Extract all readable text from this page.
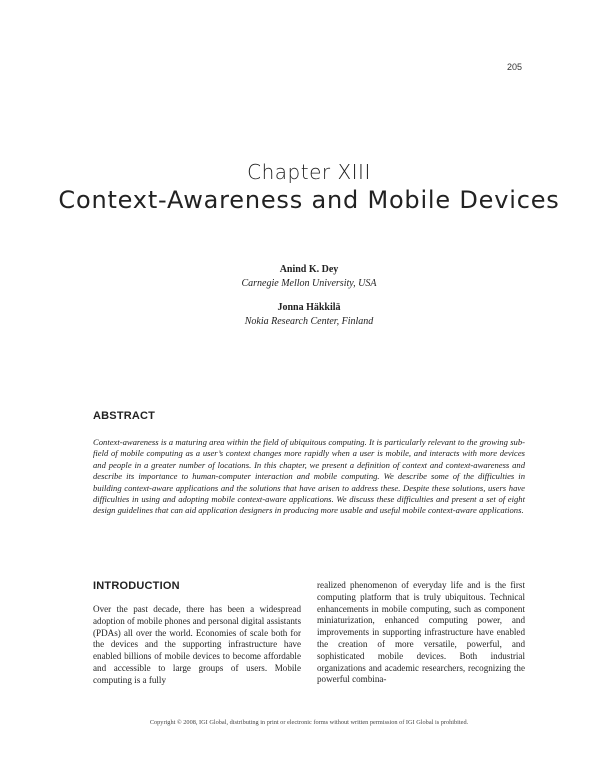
205
Chapter XIII
Context-Awareness and Mobile Devices
Anind K. Dey
Carnegie Mellon University, USA
Jonna Häkkilä
Nokia Research Center, Finland
ABSTRACT
Context-awareness is a maturing area within the field of ubiquitous computing. It is particularly relevant to the growing sub-field of mobile computing as a user’s context changes more rapidly when a user is mobile, and interacts with more devices and people in a greater number of locations. In this chapter, we present a definition of context and context-awareness and describe its importance to human-computer interaction and mobile computing. We describe some of the difficulties in building context-aware applications and the solutions that have arisen to address these. Despite these solutions, users have difficulties in using and adopting mobile context-aware applications. We discuss these difficulties and present a set of eight design guidelines that can aid application designers in producing more usable and useful mobile context-aware applications.
INTRODUCTION
Over the past decade, there has been a widespread adoption of mobile phones and personal digital assistants (PDAs) all over the world. Economies of scale both for the devices and the supporting infrastructure have enabled billions of mobile devices to become affordable and accessible to large groups of users. Mobile computing is a fully
realized phenomenon of everyday life and is the first computing platform that is truly ubiquitous. Technical enhancements in mobile computing, such as component miniaturization, enhanced computing power, and improvements in supporting infrastructure have enabled the creation of more versatile, powerful, and sophisticated mobile devices. Both industrial organizations and academic researchers, recognizing the powerful combina-
Copyright © 2008, IGI Global, distributing in print or electronic forms without written permission of IGI Global is prohibited.
